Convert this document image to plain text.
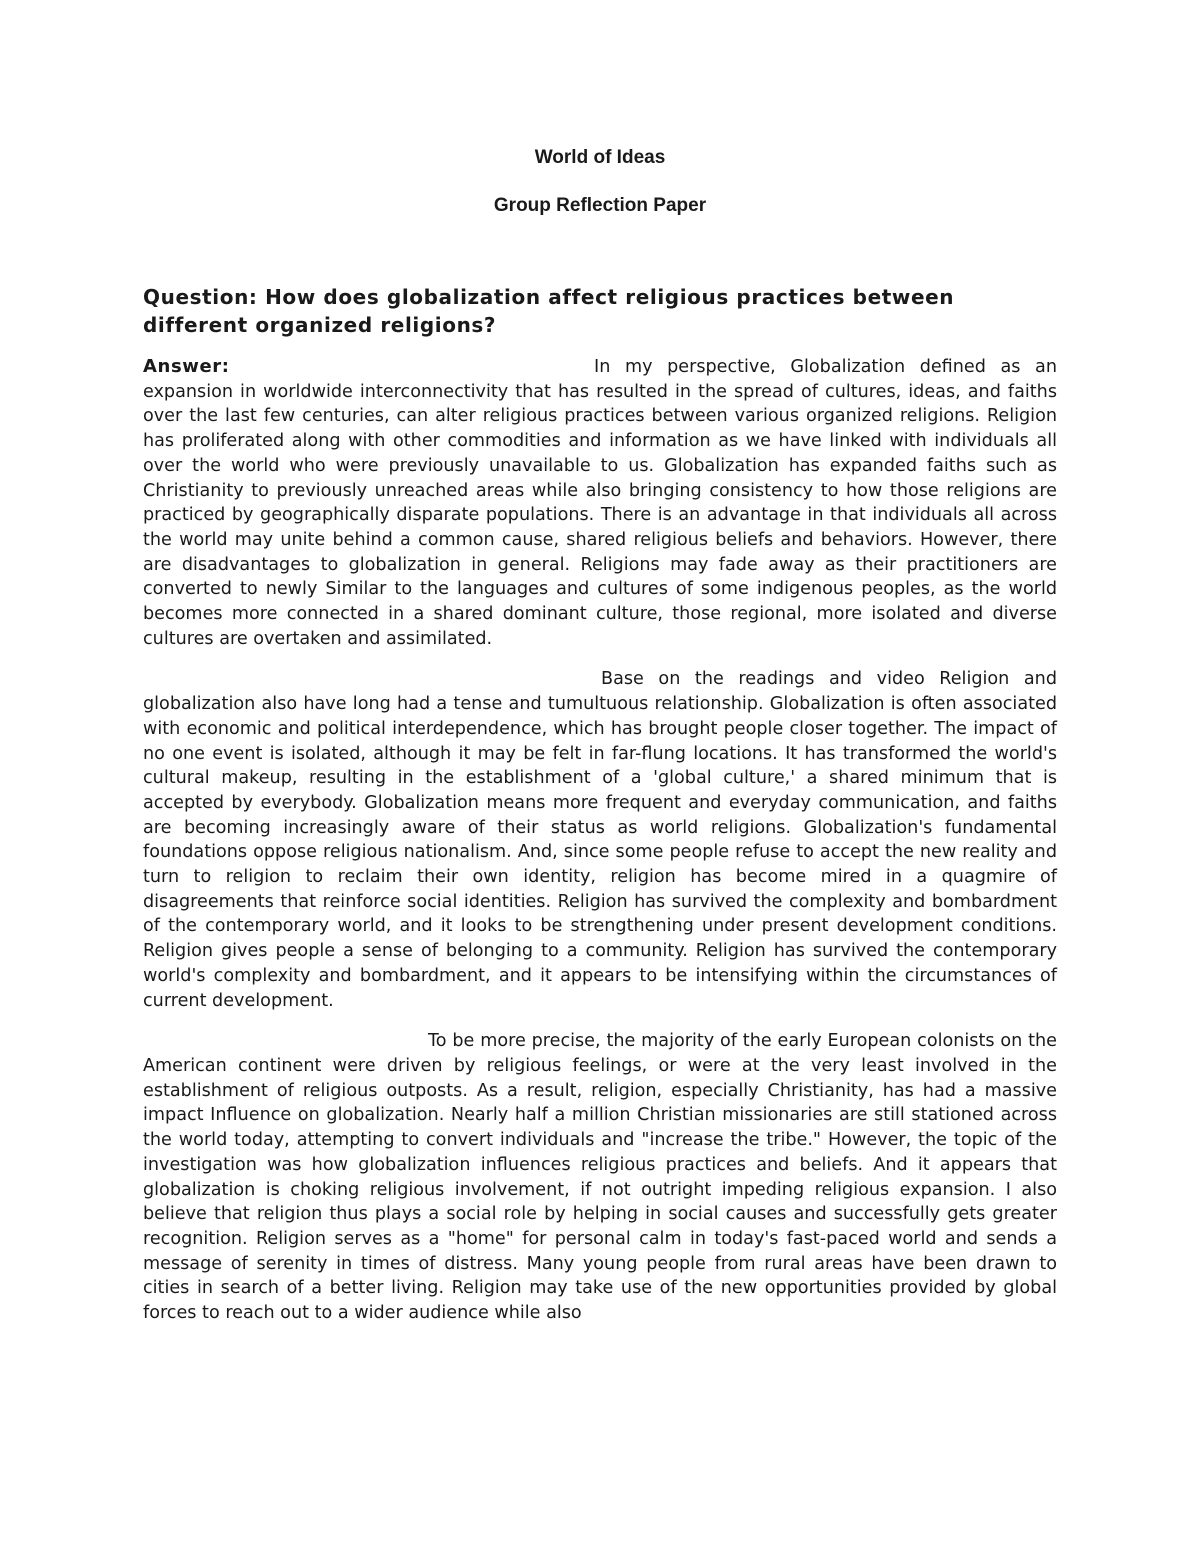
World of Ideas
Group Reflection Paper

Question: How does globalization affect religious practices between different organized religions?

Answer:	In my perspective, Globalization defined as an expansion in worldwide interconnectivity that has resulted in the spread of cultures, ideas, and faiths over the last few centuries, can alter religious practices between various organized religions. Religion has proliferated along with other commodities and information as we have linked with individuals all over the world who were previously unavailable to us. Globalization has expanded faiths such as Christianity to previously unreached areas while also bringing consistency to how those religions are practiced by geographically disparate populations. There is an advantage in that individuals all across the world may unite behind a common cause, shared religious beliefs and behaviors. However, there are disadvantages to globalization in general. Religions may fade away as their practitioners are converted to newly Similar to the languages and cultures of some indigenous peoples, as the world becomes more connected in a shared dominant culture, those regional, more isolated and diverse cultures are overtaken and assimilated.

Base on the readings and video Religion and globalization also have long had a tense and tumultuous relationship. Globalization is often associated with economic and political interdependence, which has brought people closer together. The impact of no one event is isolated, although it may be felt in far-flung locations. It has transformed the world's cultural makeup, resulting in the establishment of a 'global culture,' a shared minimum that is accepted by everybody. Globalization means more frequent and everyday communication, and faiths are becoming increasingly aware of their status as world religions. Globalization's fundamental foundations oppose religious nationalism. And, since some people refuse to accept the new reality and turn to religion to reclaim their own identity, religion has become mired in a quagmire of disagreements that reinforce social identities. Religion has survived the complexity and bombardment of the contemporary world, and it looks to be strengthening under present development conditions. Religion gives people a sense of belonging to a community. Religion has survived the contemporary world's complexity and bombardment, and it appears to be intensifying within the circumstances of current development.

To be more precise, the majority of the early European colonists on the American continent were driven by religious feelings, or were at the very least involved in the establishment of religious outposts. As a result, religion, especially Christianity, has had a massive impact Influence on globalization. Nearly half a million Christian missionaries are still stationed across the world today, attempting to convert individuals and "increase the tribe." However, the topic of the investigation was how globalization influences religious practices and beliefs. And it appears that globalization is choking religious involvement, if not outright impeding religious expansion. I also believe that religion thus plays a social role by helping in social causes and successfully gets greater recognition. Religion serves as a "home" for personal calm in today's fast-paced world and sends a message of serenity in times of distress. Many young people from rural areas have been drawn to cities in search of a better living. Religion may take use of the new opportunities provided by global forces to reach out to a wider audience while also
